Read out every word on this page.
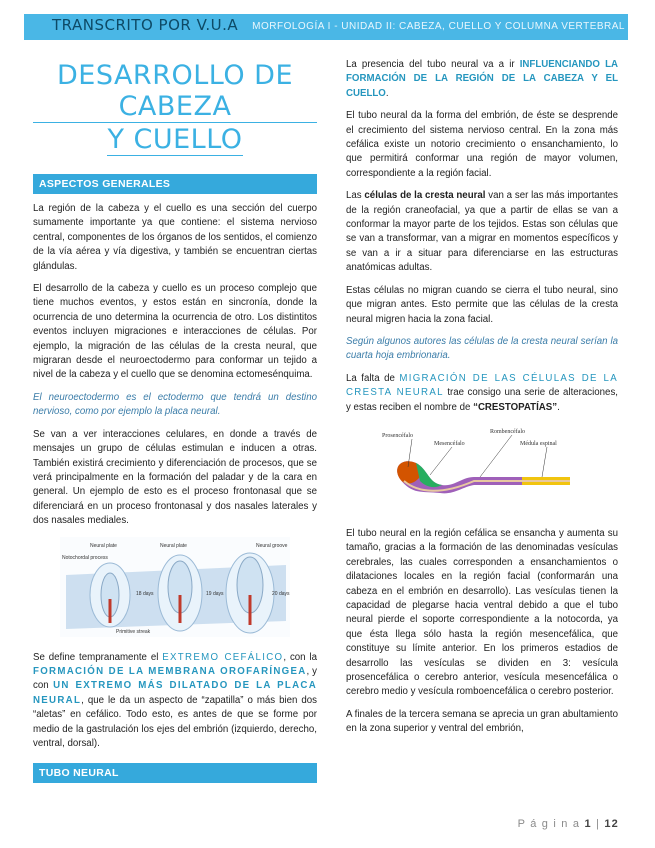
TRANSCRITO POR V.U.A MORFOLOGÍA I - UNIDAD II: CABEZA, CUELLO Y COLUMNA VERTEBRAL
DESARROLLO DE CABEZA
Y CUELLO
ASPECTOS GENERALES

La región de la cabeza y el cuello es una sección del cuerpo sumamente importante ya que contiene: el sistema nervioso central, componentes de los órganos de los sentidos, el comienzo de la vía aérea y vía digestiva, y también se encuentran ciertas glándulas.

El desarrollo de la cabeza y cuello es un proceso complejo que tiene muchos eventos, y estos están en sincronía, donde la ocurrencia de uno determina la ocurrencia de otro. Los distintitos eventos incluyen migraciones e interacciones de células. Por ejemplo, la migración de las células de la cresta neural, que migraran desde el neuroectodermo para conformar un tejido a nivel de la cabeza y el cuello que se denomina ectomesénquima.

El neuroectodermo es el ectodermo que tendrá un destino nervioso, como por ejemplo la placa neural.

Se van a ver interacciones celulares, en donde a través de mensajes un grupo de células estimulan e inducen a otras. También existirá crecimiento y diferenciación de procesos, que se verá principalmente en la formación del paladar y de la cara en general. Un ejemplo de esto es el proceso frontonasal que se diferenciará en un proceso frontonasal y dos nasales laterales y dos nasales mediales.

Neural plate
Notochordal process
Neural plate	Neural groove
18 days	19 days	20 days
Primitive streak

Se define tempranamente el EXTREMO CEFÁLICO, con la FORMACIÓN DE LA MEMBRANA OROFARÍNGEA, y con UN EXTREMO MÁS DILATADO DE LA PLACA NEURAL, que le da un aspecto de “zapatilla” o más bien dos “aletas” en cefálico. Todo esto, es antes de que se forme por medio de la gastrulación los ejes del embrión (izquierdo, derecho, ventral, dorsal).

TUBO NEURAL

La presencia del tubo neural va a ir INFLUENCIANDO LA FORMACIÓN DE LA REGIÓN DE LA CABEZA Y EL CUELLO.

El tubo neural da la forma del embrión, de éste se desprende el crecimiento del sistema nervioso central. En la zona más cefálica existe un notorio crecimiento o ensanchamiento, lo que permitirá conformar una región de mayor volumen, correspondiente a la región facial.

Las células de la cresta neural van a ser las más importantes de la región craneofacial, ya que a partir de ellas se van a conformar la mayor parte de los tejidos. Estas son células que se van a transformar, van a migrar en momentos específicos y se van a ir a situar para diferenciarse en las estructuras anatómicas adultas.

Estas células no migran cuando se cierra el tubo neural, sino que migran antes. Esto permite que las células de la cresta neural migren hacia la zona facial.

Según algunos autores las células de la cresta neural serían la cuarta hoja embrionaria.

La falta de MIGRACIÓN DE LAS CÉLULAS DE LA CRESTA NEURAL trae consigo una serie de alteraciones, y estas reciben el nombre de “CRESTOPATÍAS”.

Prosencéfalo
Mesencéfalo
Rombencéfalo
Médula espinal

El tubo neural en la región cefálica se ensancha y aumenta su tamaño, gracias a la formación de las denominadas vesículas cerebrales, las cuales corresponden a ensanchamientos o dilataciones locales en la región facial (conformarán una cabeza en el embrión en desarrollo). Las vesículas tienen la capacidad de plegarse hacia ventral debido a que el tubo neural pierde el soporte correspondiente a la notocorda, ya que ésta llega sólo hasta la región mesencefálica, que constituye su límite anterior. En los primeros estadios de desarrollo las vesículas se dividen en 3: vesícula prosencefálica o cerebro anterior, vesícula mesencefálica o cerebro medio y vesícula romboencefálica o cerebro posterior.

A finales de la tercera semana se aprecia un gran abultamiento en la zona superior y ventral del embrión,

P á g i n a 1 | 12
